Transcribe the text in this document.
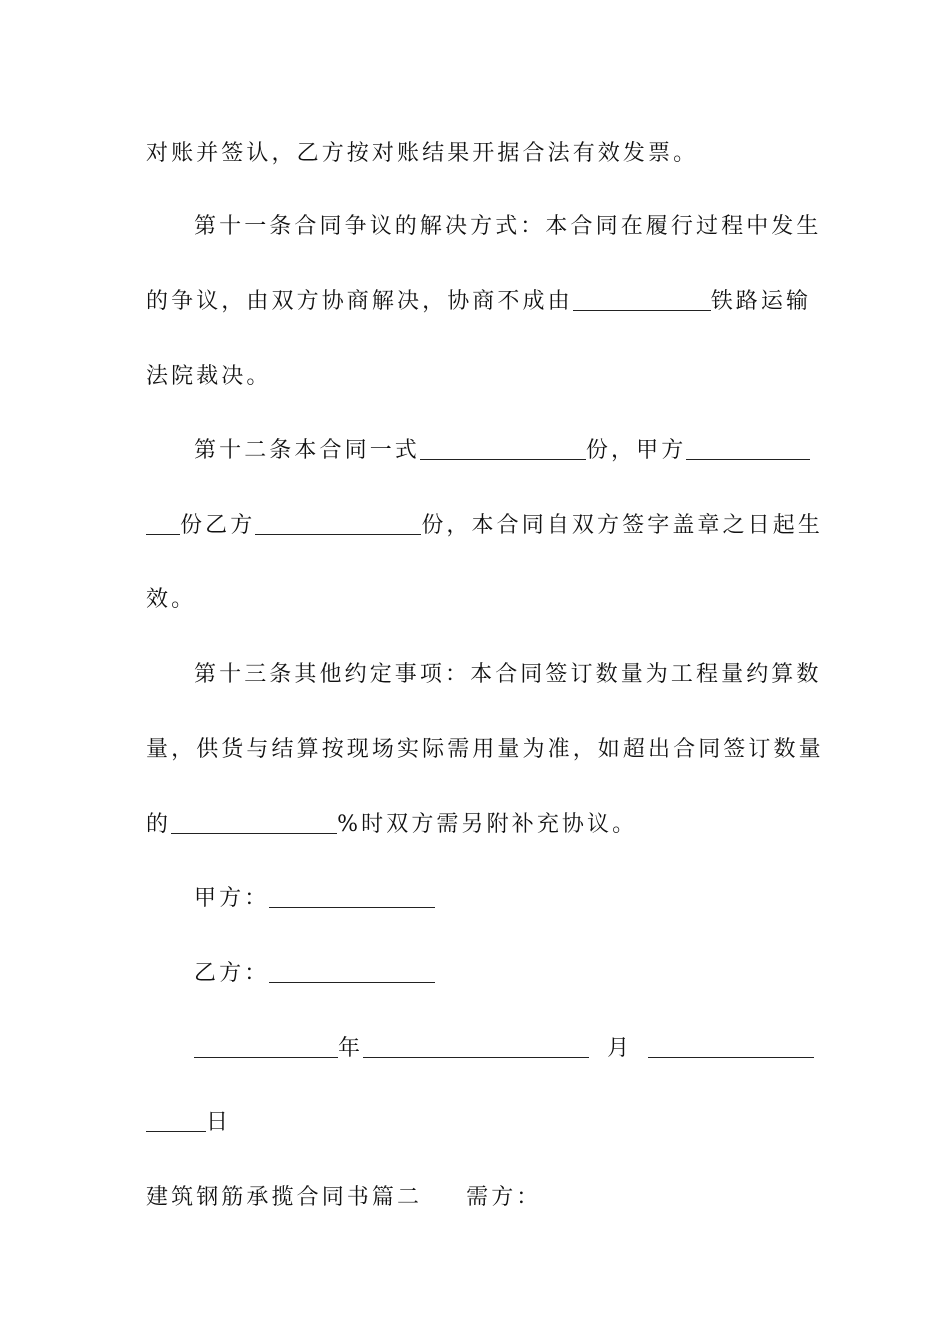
对账并签认，乙方按对账结果开据合法有效发票。
第十一条合同争议的解决方式：本合同在履行过程中发生
的争议，由双方协商解决，协商不成由	铁路运输
法院裁决。
第十二条本合同一式	份，甲方
份乙方	份，本合同自双方签字盖章之日起生
效。
第十三条其他约定事项：本合同签订数量为工程量约算数
量，供货与结算按现场实际需用量为准，如超出合同签订数量
的	%时双方需另附补充协议。
甲方：
乙方：
年	月
日
建筑钢筋承揽合同书篇二 需方：
